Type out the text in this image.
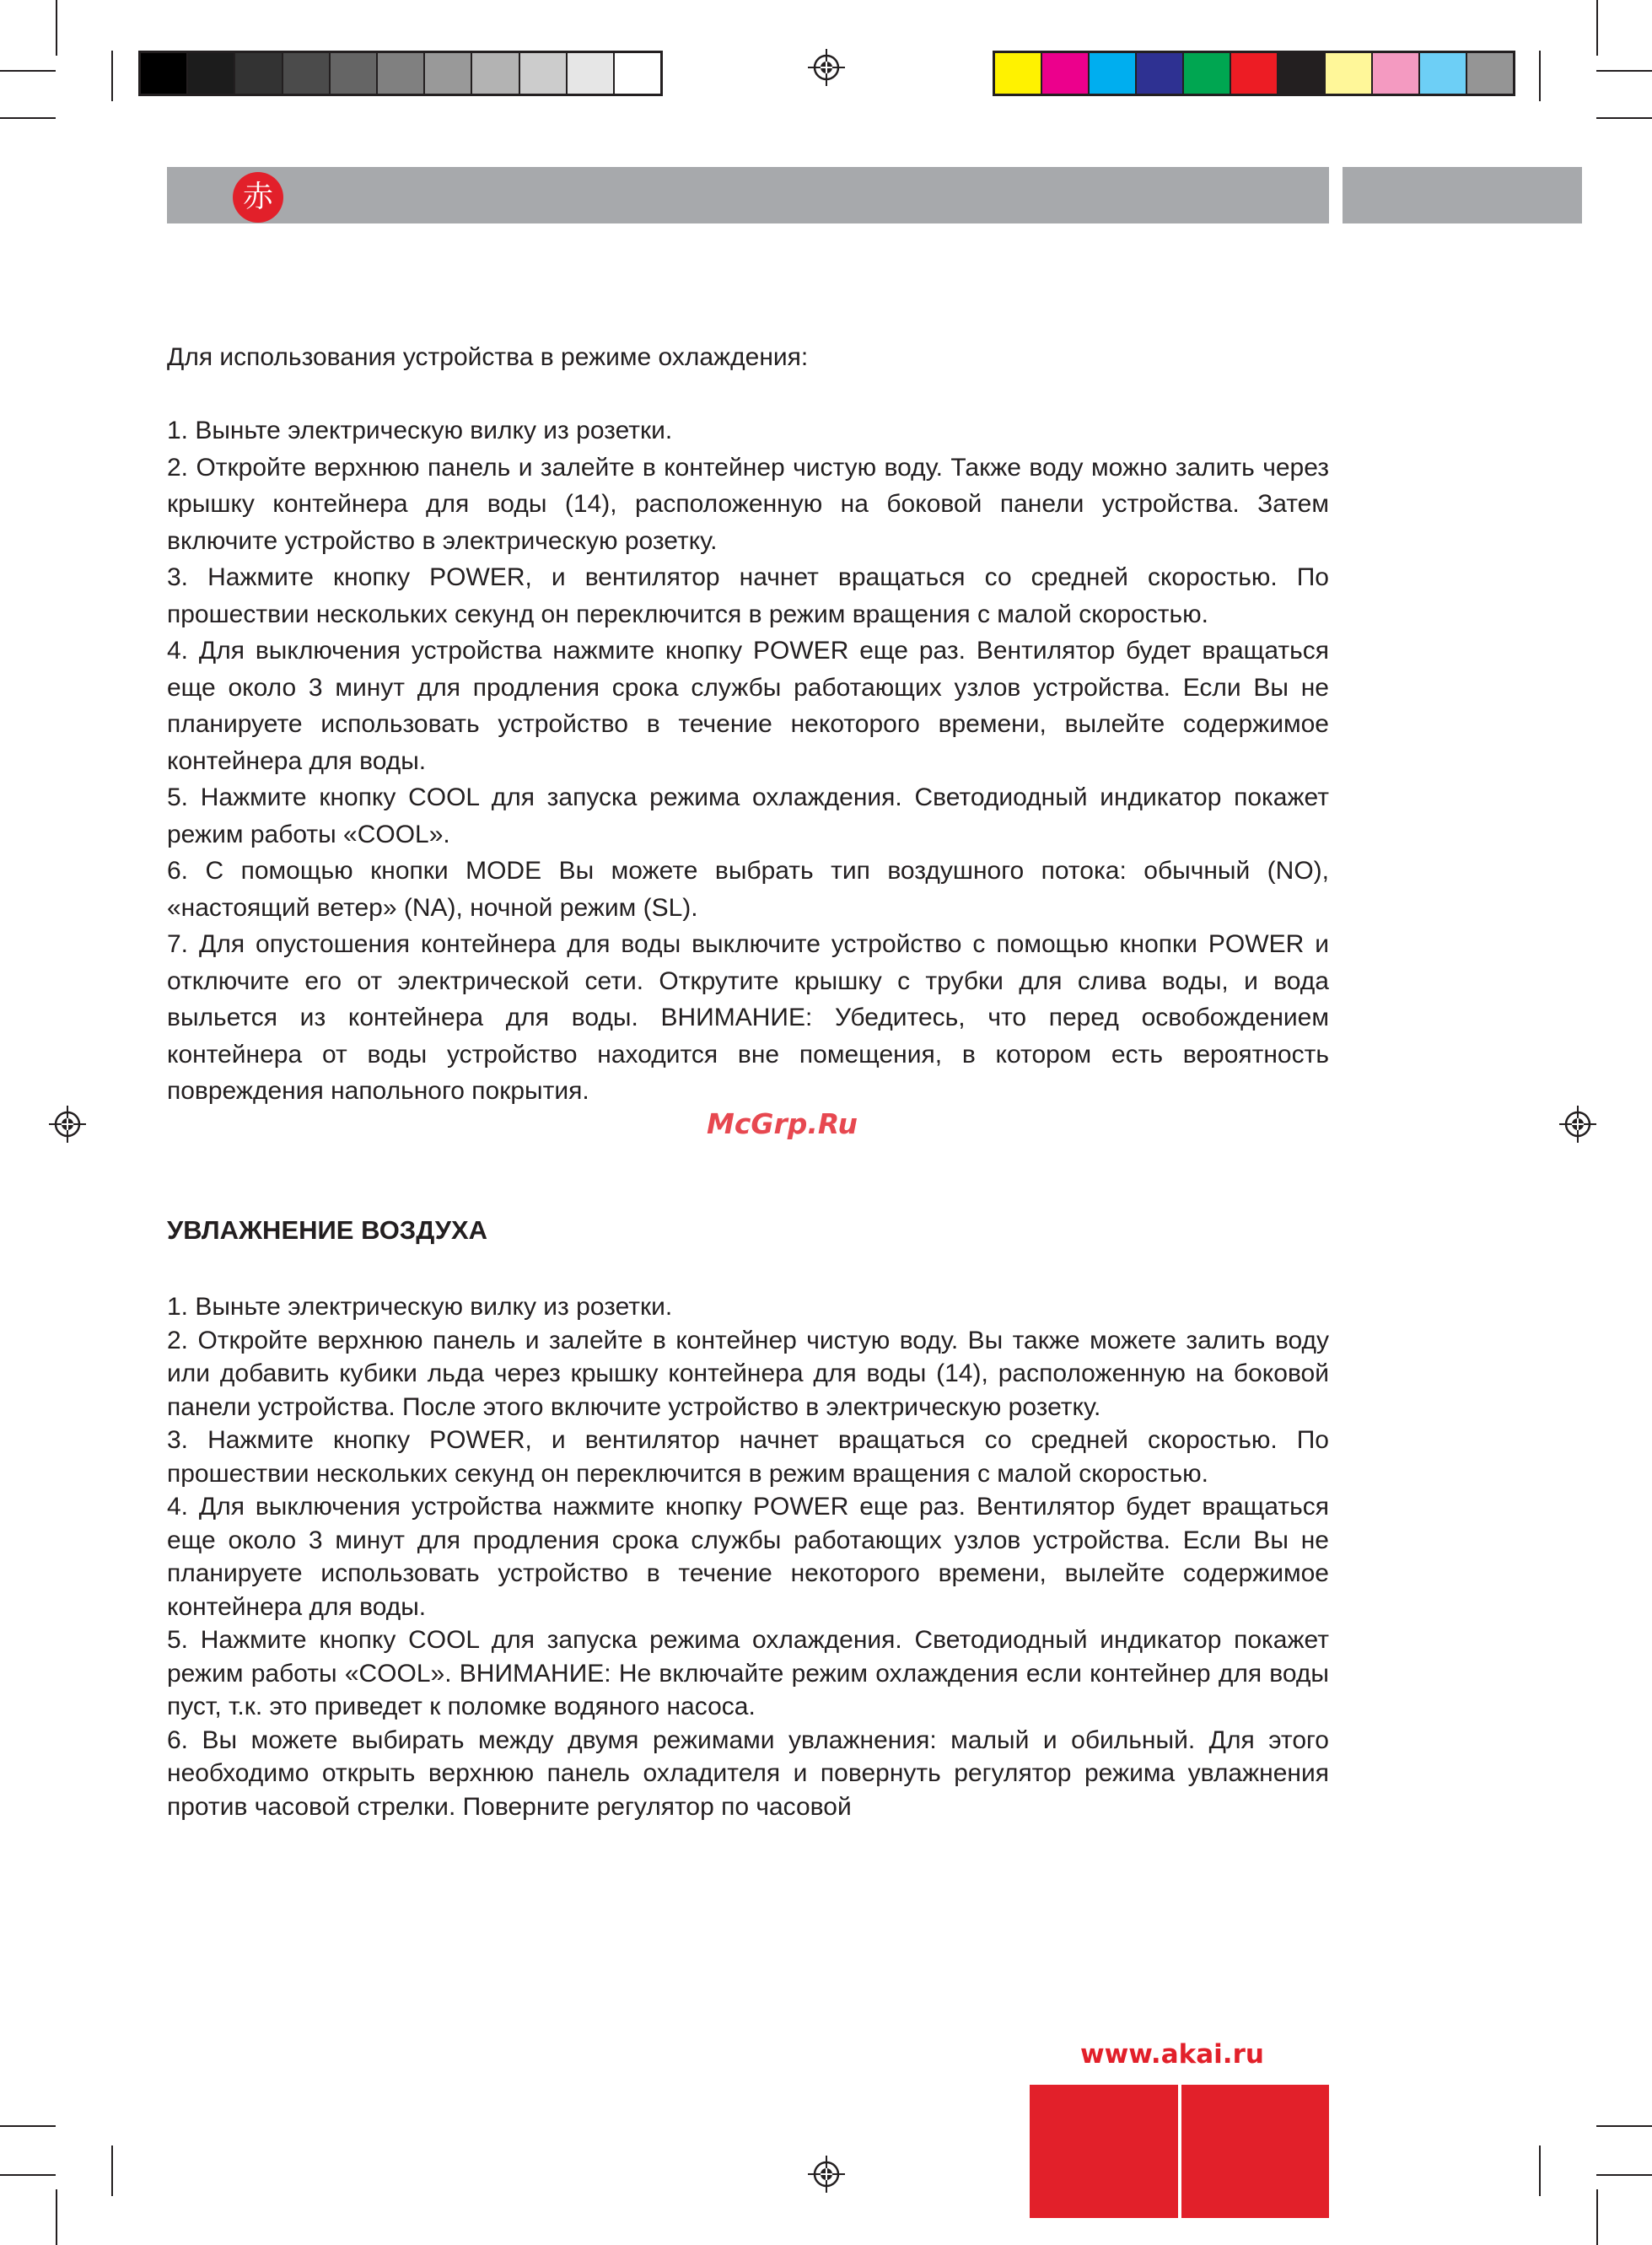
赤

Для использования устройства в режиме охлаждения:

1. Выньте электрическую вилку из розетки.

2. Откройте верхнюю панель и залейте в контейнер чистую воду. Также воду можно залить через крышку контейнера для воды (14), расположенную на боковой панели устройства. Затем включите устройство в электрическую розетку.

3. Нажмите кнопку POWER, и вентилятор начнет вращаться со средней скоростью. По прошествии нескольких секунд он переключится в режим вращения с малой скоростью.

4. Для выключения устройства нажмите кнопку POWER еще раз. Вентилятор будет вращаться еще около 3 минут для продления срока службы работающих узлов устройства. Если Вы не планируете использовать устройство в течение некоторого времени, вылейте содержимое контейнера для воды.

5. Нажмите кнопку COOL для запуска режима охлаждения. Светодиодный индикатор покажет режим работы «COOL».

6. С помощью кнопки MODE Вы можете выбрать тип воздушного потока: обычный (NO), «настоящий ветер» (NA), ночной режим (SL).

7. Для опустошения контейнера для воды выключите устройство с помощью кнопки POWER и отключите его от электрической сети. Открутите крышку с трубки для слива воды, и вода выльется из контейнера для воды. ВНИМАНИЕ: Убедитесь, что перед освобождением контейнера от воды устройство находится вне помещения, в котором есть вероятность повреждения напольного покрытия.

McGrp.Ru
УВЛАЖНЕНИЕ ВОЗДУХА

1. Выньте электрическую вилку из розетки.

2. Откройте верхнюю панель и залейте в контейнер чистую воду. Вы также можете залить воду или добавить кубики льда через крышку контейнера для воды (14), расположенную на боковой панели устройства. После этого включите устройство в электрическую розетку.

3. Нажмите кнопку POWER, и вентилятор начнет вращаться со средней скоростью. По прошествии нескольких секунд он переключится в режим вращения с малой скоростью.

4. Для выключения устройства нажмите кнопку POWER еще раз. Вентилятор будет вращаться еще около 3 минут для продления срока службы работающих узлов устройства. Если Вы не планируете использовать устройство в течение некоторого времени, вылейте содержимое контейнера для воды.

5. Нажмите кнопку COOL для запуска режима охлаждения. Светодиодный индикатор покажет режим работы «COOL». ВНИМАНИЕ: Не включайте режим охлаждения если контейнер для воды пуст, т.к. это приведет к поломке водяного насоса.

6. Вы можете выбирать между двумя режимами увлажнения: малый и обильный. Для этого необходимо открыть верхнюю панель охладителя и повернуть регулятор режима увлажнения против часовой стрелки. Поверните регулятор по часовой

www.akai.ru
